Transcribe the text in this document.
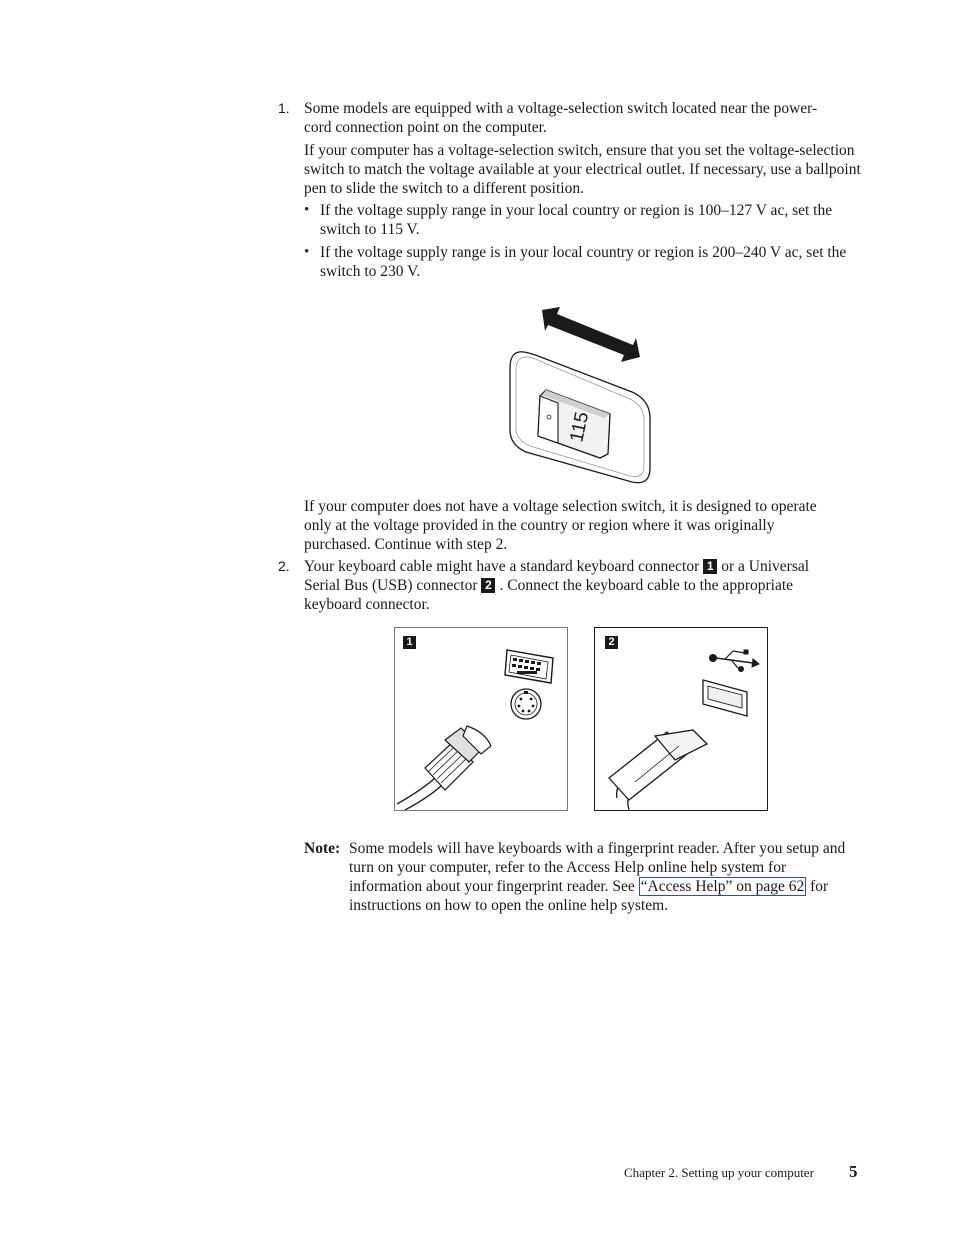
1. Some models are equipped with a voltage-selection switch located near the power-cord connection point on the computer.

If your computer has a voltage-selection switch, ensure that you set the voltage-selection switch to match the voltage available at your electrical outlet. If necessary, use a ballpoint pen to slide the switch to a different position.

• If the voltage supply range in your local country or region is 100–127 V ac, set the switch to 115 V.

• If the voltage supply range is in your local country or region is 200–240 V ac, set the switch to 230 V.

115

If your computer does not have a voltage selection switch, it is designed to operate only at the voltage provided in the country or region where it was originally purchased. Continue with step 2.

2. Your keyboard cable might have a standard keyboard connector 1 or a Universal Serial Bus (USB) connector 2 . Connect the keyboard cable to the appropriate keyboard connector.

1	2
Note: Some models will have keyboards with a fingerprint reader. After you setup and turn on your computer, refer to the Access Help online help system for information about your fingerprint reader. See “Access Help” on page 62 for instructions on how to open the online help system.

Chapter 2. Setting up your computer 5
